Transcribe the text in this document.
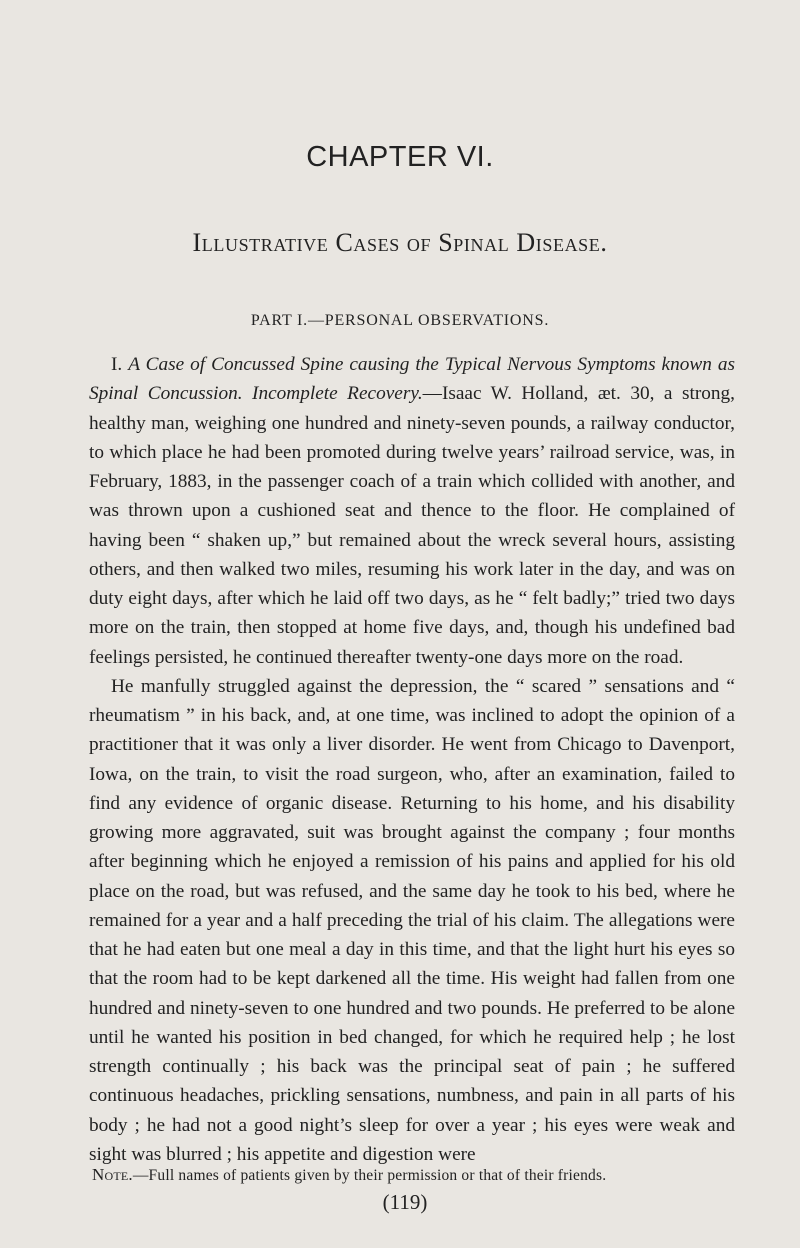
CHAPTER VI.
Illustrative Cases of Spinal Disease.
PART I.—PERSONAL OBSERVATIONS.

I. A Case of Concussed Spine causing the Typical Nervous Symptoms known as Spinal Concussion. Incomplete Recovery.—Isaac W. Holland, æt. 30, a strong, healthy man, weighing one hundred and ninety-seven pounds, a railway conductor, to which place he had been promoted during twelve years’ railroad service, was, in February, 1883, in the passenger coach of a train which collided with another, and was thrown upon a cushioned seat and thence to the floor. He complained of having been “ shaken up,” but remained about the wreck several hours, assisting others, and then walked two miles, resuming his work later in the day, and was on duty eight days, after which he laid off two days, as he “ felt badly;” tried two days more on the train, then stopped at home five days, and, though his undefined bad feelings persisted, he continued thereafter twenty-one days more on the road.

He manfully struggled against the depression, the “ scared ” sensations and “ rheumatism ” in his back, and, at one time, was inclined to adopt the opinion of a practitioner that it was only a liver disorder. He went from Chicago to Davenport, Iowa, on the train, to visit the road surgeon, who, after an examination, failed to find any evidence of organic disease. Returning to his home, and his disability growing more aggravated, suit was brought against the company ; four months after beginning which he enjoyed a remission of his pains and applied for his old place on the road, but was refused, and the same day he took to his bed, where he remained for a year and a half preceding the trial of his claim. The allegations were that he had eaten but one meal a day in this time, and that the light hurt his eyes so that the room had to be kept darkened all the time. His weight had fallen from one hundred and ninety-seven to one hundred and two pounds. He preferred to be alone until he wanted his position in bed changed, for which he required help ; he lost strength continually ; his back was the principal seat of pain ; he suffered continuous headaches, prickling sensations, numbness, and pain in all parts of his body ; he had not a good night’s sleep for over a year ; his eyes were weak and sight was blurred ; his appetite and digestion were

Note.—Full names of patients given by their permission or that of their friends.
(119)
